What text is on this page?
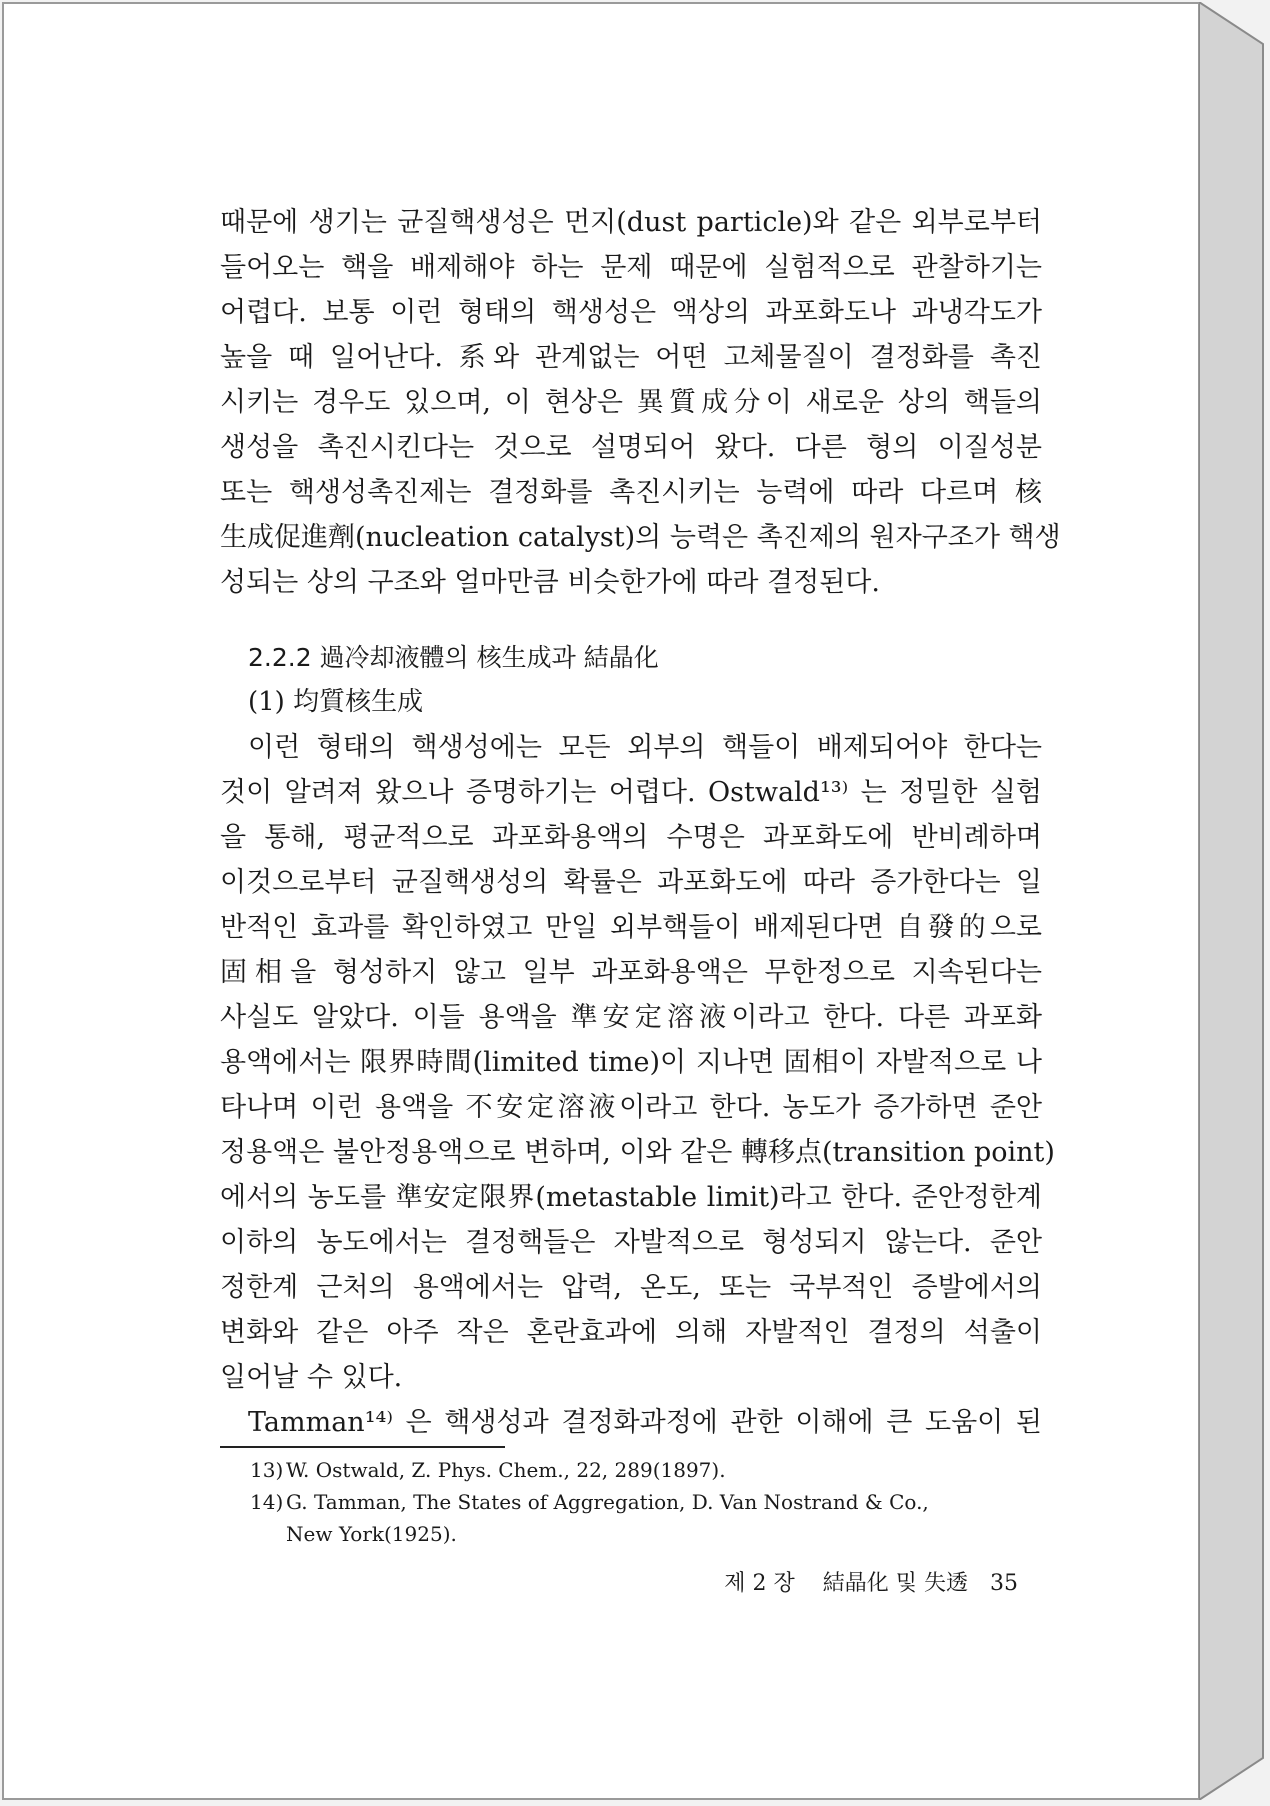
때문에 생기는 균질핵생성은 먼지(dust particle)와 같은 외부로부터
들어오는 핵을 배제해야 하는 문제 때문에 실험적으로 관찰하기는
어렵다. 보통 이런 형태의 핵생성은 액상의 과포화도나 과냉각도가
높을 때 일어난다. 系와 관계없는 어떤 고체물질이 결정화를 촉진
시키는 경우도 있으며, 이 현상은 異質成分이 새로운 상의 핵들의
생성을 촉진시킨다는 것으로 설명되어 왔다. 다른 형의 이질성분
또는 핵생성촉진제는 결정화를 촉진시키는 능력에 따라 다르며 核
生成促進劑(nucleation catalyst)의 능력은 촉진제의 원자구조가 핵생
성되는 상의 구조와 얼마만큼 비슷한가에 따라 결정된다.
2.2.2 過冷却液體의 核生成과 結晶化
(1) 均質核生成
이런 형태의 핵생성에는 모든 외부의 핵들이 배제되어야 한다는
것이 알려져 왔으나 증명하기는 어렵다. Ostwald¹³⁾ 는 정밀한 실험
을 통해, 평균적으로 과포화용액의 수명은 과포화도에 반비례하며
이것으로부터 균질핵생성의 확률은 과포화도에 따라 증가한다는 일
반적인 효과를 확인하였고 만일 외부핵들이 배제된다면 自發的으로
固相을 형성하지 않고 일부 과포화용액은 무한정으로 지속된다는
사실도 알았다. 이들 용액을 準安定溶液이라고 한다. 다른 과포화
용액에서는 限界時間(limited time)이 지나면 固相이 자발적으로 나
타나며 이런 용액을 不安定溶液이라고 한다. 농도가 증가하면 준안
정용액은 불안정용액으로 변하며, 이와 같은 轉移点(transition point)
에서의 농도를 準安定限界(metastable limit)라고 한다. 준안정한계
이하의 농도에서는 결정핵들은 자발적으로 형성되지 않는다. 준안
정한계 근처의 용액에서는 압력, 온도, 또는 국부적인 증발에서의
변화와 같은 아주 작은 혼란효과에 의해 자발적인 결정의 석출이
일어날 수 있다.
Tamman¹⁴⁾ 은 핵생성과 결정화과정에 관한 이해에 큰 도움이 된
13) W. Ostwald, Z. Phys. Chem., 22, 289(1897).
14) G. Tamman, The States of Aggregation, D. Van Nostrand & Co.,
New York(1925).
제 2 장 結晶化 및 失透 35
